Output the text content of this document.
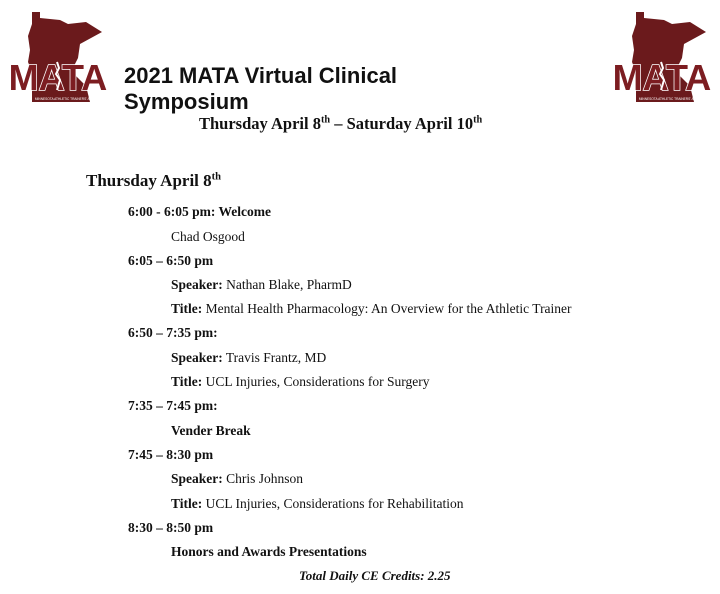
MATA
MINNESOTA ATHLETIC TRAINERS' ASSOCIATION
MATA
MINNESOTA ATHLETIC TRAINERS' ASSOCIATION
2021 MATA Virtual Clinical Symposium
Thursday April 8th – Saturday April 10th
Thursday April 8th
6:00 - 6:05 pm: Welcome
Chad Osgood
6:05 – 6:50 pm
Speaker: Nathan Blake, PharmD
Title: Mental Health Pharmacology: An Overview for the Athletic Trainer
6:50 – 7:35 pm:
Speaker: Travis Frantz, MD
Title: UCL Injuries, Considerations for Surgery
7:35 – 7:45 pm:
Vender Break
7:45 – 8:30 pm
Speaker: Chris Johnson
Title: UCL Injuries, Considerations for Rehabilitation
8:30 – 8:50 pm
Honors and Awards Presentations
Total Daily CE Credits: 2.25
